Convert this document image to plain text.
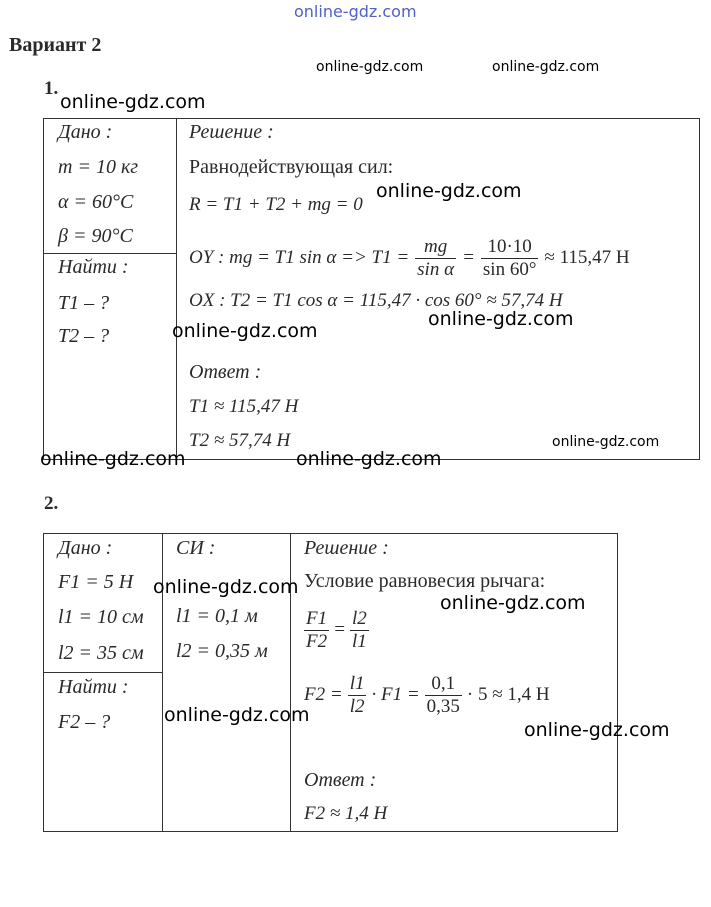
online-gdz.com
Вариант 2
1.
Дано :
m = 10 кг
α = 60°C
β = 90°C
Найти :
T1 – ?
T2 – ?
Решение :
Равнодействующая сил:
R = T1 + T2 + mg = 0
OY : mg = T1 $\sin \alpha => T1 = \frac{mg}{\text{sin α}} = \frac{10\cdot 10}{\sin 60^\circ} \approx 115,47$ Н
OX : T2 = T1 cos α = 115,47 · cos 60° ≈ 57,74 Н
Ответ :
T1 ≈ 115,47 Н
T2 ≈ 57,74 Н
2.
Дано :
F1 = 5 Н
l1 = 10 см
l2 = 35 см
Найти :
F2 – ?
СИ :
l1 = 0,1 м
l2 = 0,35 м
Решение :
Условие равновесия рычага:
$\frac{F1}{F2} = \frac{l2}{l1}$
$F2 = \frac{l1}{l2} \cdot F1 = \frac{0,1}{0,35} \cdot 5 \approx 1,4$ Н
Ответ :
F2 ≈ 1,4 Н
online-gdz.com	online-gdz.com
online-gdz.com
online-gdz.com
online-gdz.com
online-gdz.com
online-gdz.com
online-gdz.com	online-gdz.com
online-gdz.com
online-gdz.com
online-gdz.com
online-gdz.com
